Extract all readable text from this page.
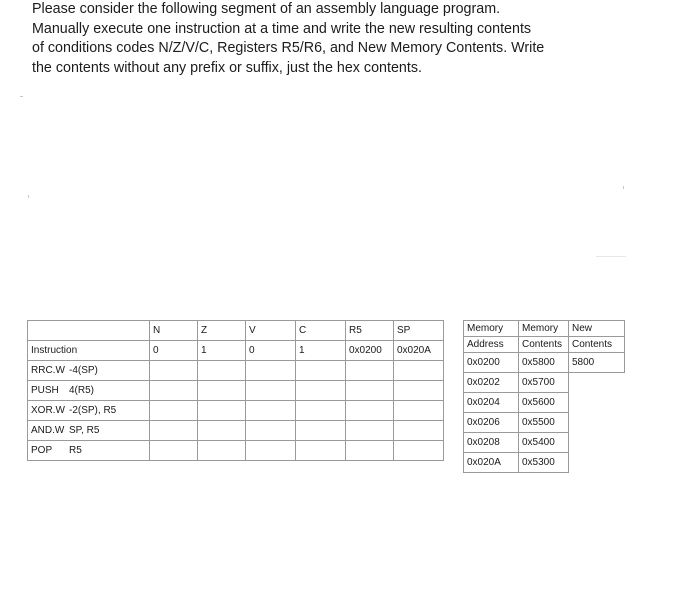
Please consider the following segment of an assembly language program.
Manually execute one instruction at a time and write the new resulting contents
of conditions codes N/Z/V/C, Registers R5/R6, and New Memory Contents. Write
the contents without any prefix or suffix, just the hex contents.
	N	Z	V	C	R5	SP
Instruction	0	1	0	1	0x0200	0x020A
RRC.W -4(SP)						
PUSH 4(R5)						
XOR.W -2(SP), R5						
AND.W SP, R5						
POP R5						
Memory	Memory	New
Address	Contents	Contents
0x0200	0x5800	5800
0x0202	0x5700	
0x0204	0x5600	
0x0206	0x5500	
0x0208	0x5400	
0x020A	0x5300	
